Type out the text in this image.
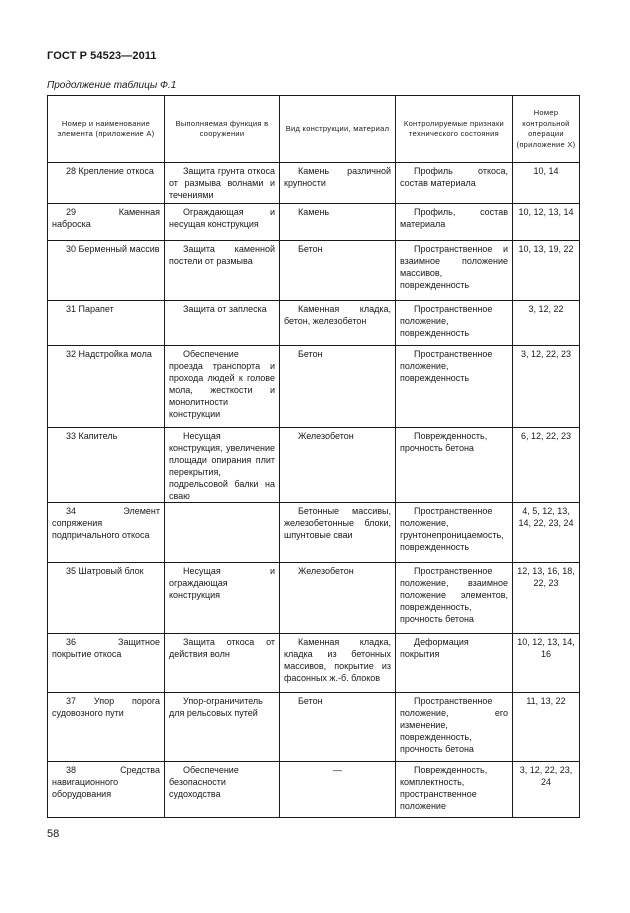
ГОСТ Р 54523—2011
Продолжение таблицы Ф.1
Номер и наименование элемента (приложение А)	Выполняемая функция в сооружении	Вид конструкции, материал	Контролируемые признаки технического состояния	Номер контрольной операции (приложение Х)
28 Крепление откоса	Защита грунта откоса от размыва волнами и течениями	Камень различной крупности	Профиль откоса, состав материала	10, 14
29 Каменная наброска	Ограждающая и несущая конструкция	Камень	Профиль, состав материала	10, 12, 13, 14
30 Берменный массив	Защита каменной постели от размыва	Бетон	Пространственное и взаимное положение массивов, поврежденность	10, 13, 19, 22
31 Парапет	Защита от заплеска	Каменная кладка, бетон, железобетон	Пространственное положение, поврежденность	3, 12, 22
32 Надстройка мола	Обеспечение проезда транспорта и прохода людей к голове мола, жесткости и монолитности конструкции	Бетон	Пространственное положение, поврежденность	3, 12, 22, 23
33 Капитель	Несущая конструкция, увеличение площади опирания плит перекрытия, подрельсовой балки на сваю	Железобетон	Поврежденность, прочность бетона	6, 12, 22, 23
34 Элемент сопряжения подпричального откоса		Бетонные массивы, железобетонные блоки, шпунтовые сваи	Пространственное положение, грунтонепроницаемость, поврежденность	4, 5, 12, 13, 14, 22, 23, 24
35 Шатровый блок	Несущая и ограждающая конструкция	Железобетон	Пространственное положение, взаимное положение элементов, поврежденность, прочность бетона	12, 13, 16, 18, 22, 23
36 Защитное покрытие откоса	Защита откоса от действия волн	Каменная кладка, кладка из бетонных массивов, покрытие из фасонных ж.-б. блоков	Деформация покрытия	10, 12, 13, 14, 16
37 Упор порога судовозного пути	Упор-ограничитель для рельсовых путей	Бетон	Пространственное положение, его изменение, поврежденность, прочность бетона	11, 13, 22
38 Средства навигационного оборудования	Обеспечение безопасности судоходства	—	Поврежденность, комплектность, пространственное положение	3, 12, 22, 23, 24
58
